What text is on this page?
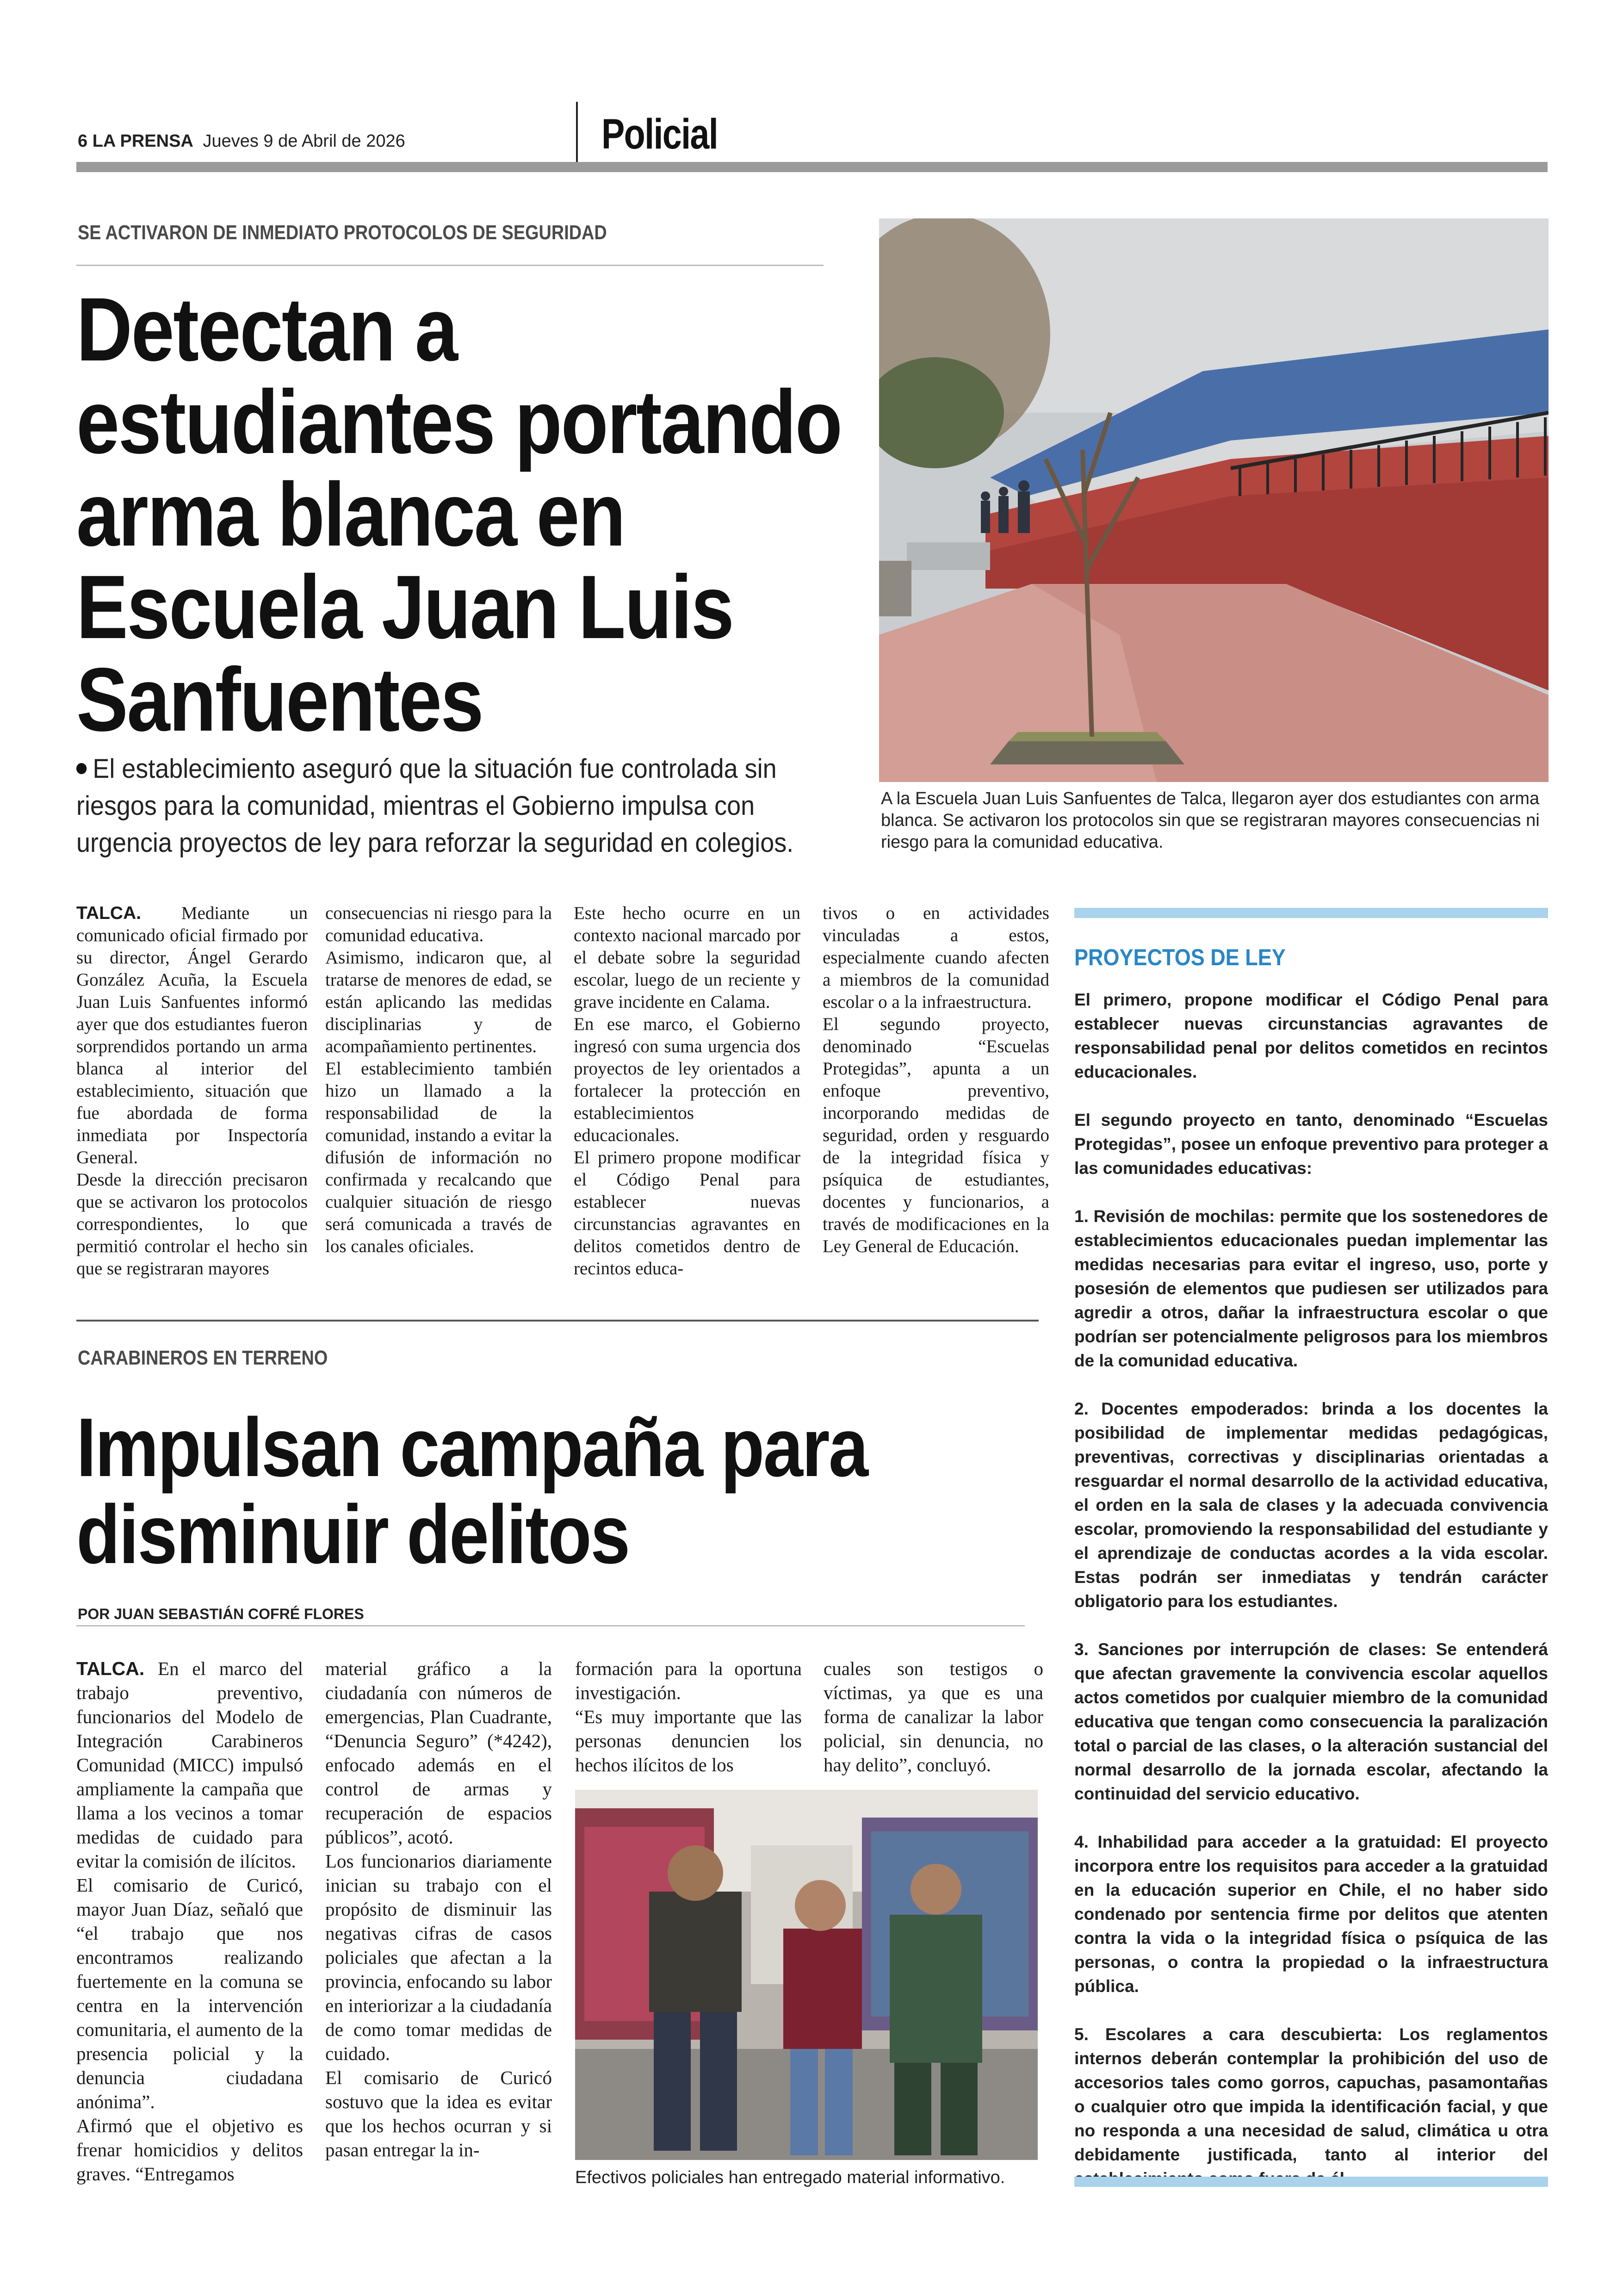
6 LA PRENSA Jueves 9 de Abril de 2026	Policial
SE ACTIVARON DE INMEDIATO PROTOCOLOS DE SEGURIDAD
Detectan a estudiantes portando arma blanca en Escuela Juan Luis Sanfuentes
El establecimiento aseguró que la situación fue controlada sin riesgos para la comunidad, mientras el Gobierno impulsa con urgencia proyectos de ley para reforzar la seguridad en colegios.
A la Escuela Juan Luis Sanfuentes de Talca, llegaron ayer dos estudiantes con arma blanca. Se activaron los protocolos sin que se registraran mayores consecuencias ni riesgo para la comunidad educativa.

TALCA. Mediante un comunicado oficial firmado por su director, Ángel Gerardo González Acuña, la Escuela Juan Luis Sanfuentes informó ayer que dos estudiantes fueron sorprendidos portando un arma blanca al interior del establecimiento, situación que fue abordada de forma inmediata por Inspectoría General.

Desde la dirección precisaron que se activaron los protocolos correspondientes, lo que permitió controlar el hecho sin que se registraran mayores

consecuencias ni riesgo para la comunidad educativa.

Asimismo, indicaron que, al tratarse de menores de edad, se están aplicando las medidas disciplinarias y de acompañamiento pertinentes.

El establecimiento también hizo un llamado a la responsabilidad de la comunidad, instando a evitar la difusión de información no confirmada y recalcando que cualquier situación de riesgo será comunicada a través de los canales oficiales.

Este hecho ocurre en un contexto nacional marcado por el debate sobre la seguridad escolar, luego de un reciente y grave incidente en Calama.

En ese marco, el Gobierno ingresó con suma urgencia dos proyectos de ley orientados a fortalecer la protección en establecimientos educacionales.

El primero propone modificar el Código Penal para establecer nuevas circunstancias agravantes en delitos cometidos dentro de recintos educa-

tivos o en actividades vinculadas a estos, especialmente cuando afecten a miembros de la comunidad escolar o a la infraestructura.

El segundo proyecto, denominado “Escuelas Protegidas”, apunta a un enfoque preventivo, incorporando medidas de seguridad, orden y resguardo de la integridad física y psíquica de estudiantes, docentes y funcionarios, a través de modificaciones en la Ley General de Educación.

PROYECTOS DE LEY

El primero, propone modificar el Código Penal para establecer nuevas circunstancias agravantes de responsabilidad penal por delitos cometidos en recintos educacionales.

El segundo proyecto en tanto, denominado “Escuelas Protegidas”, posee un enfoque preventivo para proteger a las comunidades educativas:

1. Revisión de mochilas: permite que los sostenedores de establecimientos educacionales puedan implementar las medidas necesarias para evitar el ingreso, uso, porte y posesión de elementos que pudiesen ser utilizados para agredir a otros, dañar la infraestructura escolar o que podrían ser potencialmente peligrosos para los miembros de la comunidad educativa.

2. Docentes empoderados: brinda a los docentes la posibilidad de implementar medidas pedagógicas, preventivas, correctivas y disciplinarias orientadas a resguardar el normal desarrollo de la actividad educativa, el orden en la sala de clases y la adecuada convivencia escolar, promoviendo la responsabilidad del estudiante y el aprendizaje de conductas acordes a la vida escolar. Estas podrán ser inmediatas y tendrán carácter obligatorio para los estudiantes.

3. Sanciones por interrupción de clases: Se entenderá que afectan gravemente la convivencia escolar aquellos actos cometidos por cualquier miembro de la comunidad educativa que tengan como consecuencia la paralización total o parcial de las clases, o la alteración sustancial del normal desarrollo de la jornada escolar, afectando la continuidad del servicio educativo.

4. Inhabilidad para acceder a la gratuidad: El proyecto incorpora entre los requisitos para acceder a la gratuidad en la educación superior en Chile, el no haber sido condenado por sentencia firme por delitos que atenten contra la vida o la integridad física o psíquica de las personas, o contra la propiedad o la infraestructura pública.

5. Escolares a cara descubierta: Los reglamentos internos deberán contemplar la prohibición del uso de accesorios tales como gorros, capuchas, pasamontañas o cualquier otro que impida la identificación facial, y que no responda a una necesidad de salud, climática u otra debidamente justificada, tanto al interior del

CARABINEROS EN TERRENO
Impulsan campaña para disminuir delitos
POR JUAN SEBASTIÁN COFRÉ FLORES

TALCA. En el marco del trabajo preventivo, funcionarios del Modelo de Integración Carabineros Comunidad (MICC) impulsó ampliamente la campaña que llama a los vecinos a tomar medidas de cuidado para evitar la comisión de ilícitos.

El comisario de Curicó, mayor Juan Díaz, señaló que “el trabajo que nos encontramos realizando fuertemente en la comuna se centra en la intervención comunitaria, el aumento de la presencia policial y la denuncia ciudadana anónima”.

Afirmó que el objetivo es frenar homicidios y delitos graves. “Entregamos

material gráfico a la ciudadanía con números de emergencias, Plan Cuadrante, “Denuncia Seguro” (*4242), enfocado además en el control de armas y recuperación de espacios públicos”, acotó.

Los funcionarios diariamente inician su trabajo con el propósito de disminuir las negativas cifras de casos policiales que afectan a la provincia, enfocando su labor en interiorizar a la ciudadanía de como tomar medidas de cuidado.

El comisario de Curicó sostuvo que la idea es evitar que los hechos ocurran y si pasan entregar la in-

formación para la oportuna investigación.

“Es muy importante que las personas denuncien los hechos ilícitos de los

cuales son testigos o víctimas, ya que es una forma de canalizar la labor policial, sin denuncia, no hay delito”, concluyó.

Efectivos policiales han entregado material informativo.
